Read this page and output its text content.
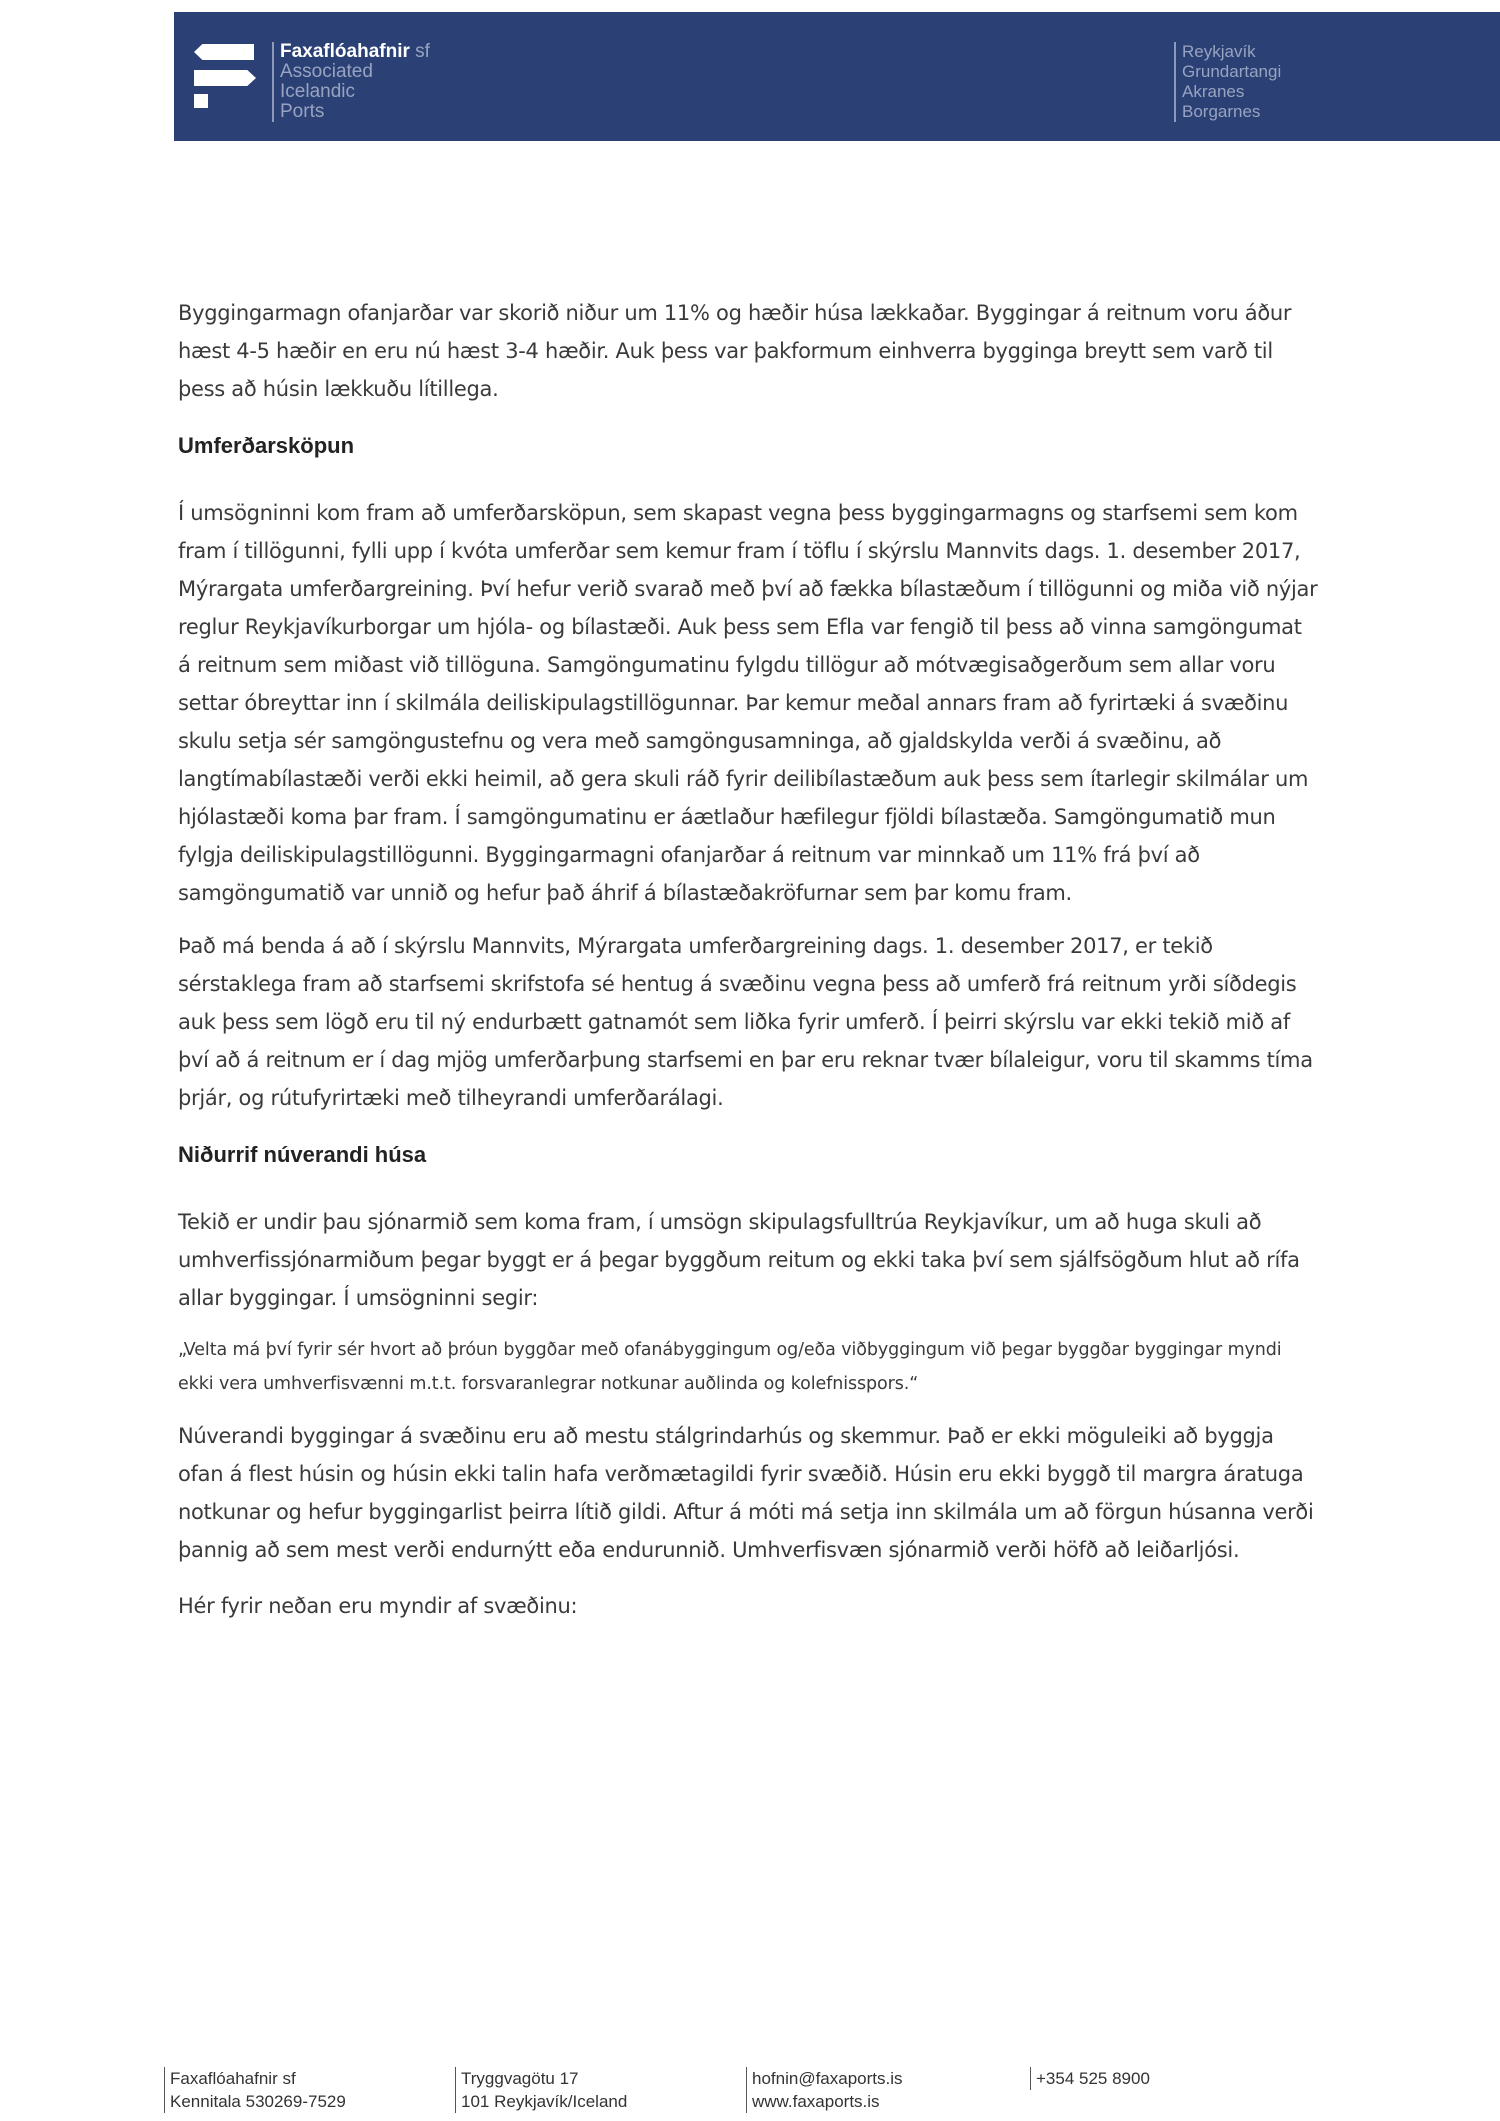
Faxaflóahafnir sf
Associated
Icelandic
Ports
Reykjavík
Grundartangi
Akranes
Borgarnes

Byggingarmagn ofanjarðar var skorið niður um 11% og hæðir húsa lækkaðar. Byggingar á reitnum voru áður hæst 4-5 hæðir en eru nú hæst 3-4 hæðir. Auk þess var þakformum einhverra bygginga breytt sem varð til þess að húsin lækkuðu lítillega.

Umferðarsköpun

Í umsögninni kom fram að umferðarsköpun, sem skapast vegna þess byggingarmagns og starfsemi sem kom fram í tillögunni, fylli upp í kvóta umferðar sem kemur fram í töflu í skýrslu Mannvits dags. 1. desember 2017, Mýrargata umferðargreining. Því hefur verið svarað með því að fækka bílastæðum í tillögunni og miða við nýjar reglur Reykjavíkurborgar um hjóla- og bílastæði. Auk þess sem Efla var fengið til þess að vinna samgöngumat á reitnum sem miðast við tillöguna. Samgöngumatinu fylgdu tillögur að mótvægisaðgerðum sem allar voru settar óbreyttar inn í skilmála deiliskipulagstillögunnar. Þar kemur meðal annars fram að fyrirtæki á svæðinu skulu setja sér samgöngustefnu og vera með samgöngusamninga, að gjaldskylda verði á svæðinu, að langtímabílastæði verði ekki heimil, að gera skuli ráð fyrir deilibílastæðum auk þess sem ítarlegir skilmálar um hjólastæði koma þar fram. Í samgöngumatinu er áætlaður hæfilegur fjöldi bílastæða. Samgöngumatið mun fylgja deiliskipulagstillögunni. Byggingarmagni ofanjarðar á reitnum var minnkað um 11% frá því að samgöngumatið var unnið og hefur það áhrif á bílastæðakröfurnar sem þar komu fram.

Það má benda á að í skýrslu Mannvits, Mýrargata umferðargreining dags. 1. desember 2017, er tekið sérstaklega fram að starfsemi skrifstofa sé hentug á svæðinu vegna þess að umferð frá reitnum yrði síðdegis auk þess sem lögð eru til ný endurbætt gatnamót sem liðka fyrir umferð. Í þeirri skýrslu var ekki tekið mið af því að á reitnum er í dag mjög umferðarþung starfsemi en þar eru reknar tvær bílaleigur, voru til skamms tíma þrjár, og rútufyrirtæki með tilheyrandi umferðarálagi.

Niðurrif núverandi húsa

Tekið er undir þau sjónarmið sem koma fram, í umsögn skipulagsfulltrúa Reykjavíkur, um að huga skuli að umhverfissjónarmiðum þegar byggt er á þegar byggðum reitum og ekki taka því sem sjálfsögðum hlut að rífa allar byggingar. Í umsögninni segir:

„Velta má því fyrir sér hvort að þróun byggðar með ofanábyggingum og/eða viðbyggingum við þegar byggðar byggingar myndi ekki vera umhverfisvænni m.t.t. forsvaranlegrar notkunar auðlinda og kolefnisspors.“

Núverandi byggingar á svæðinu eru að mestu stálgrindarhús og skemmur. Það er ekki möguleiki að byggja ofan á flest húsin og húsin ekki talin hafa verðmætagildi fyrir svæðið. Húsin eru ekki byggð til margra áratuga notkunar og hefur byggingarlist þeirra lítið gildi. Aftur á móti má setja inn skilmála um að förgun húsanna verði þannig að sem mest verði endurnýtt eða endurunnið. Umhverfisvæn sjónarmið verði höfð að leiðarljósi.

Hér fyrir neðan eru myndir af svæðinu:

Faxaflóahafnir sf
Kennitala 530269-7529
Tryggvagötu 17
101 Reykjavík/Iceland
hofnin@faxaports.is
www.faxaports.is
+354 525 8900
